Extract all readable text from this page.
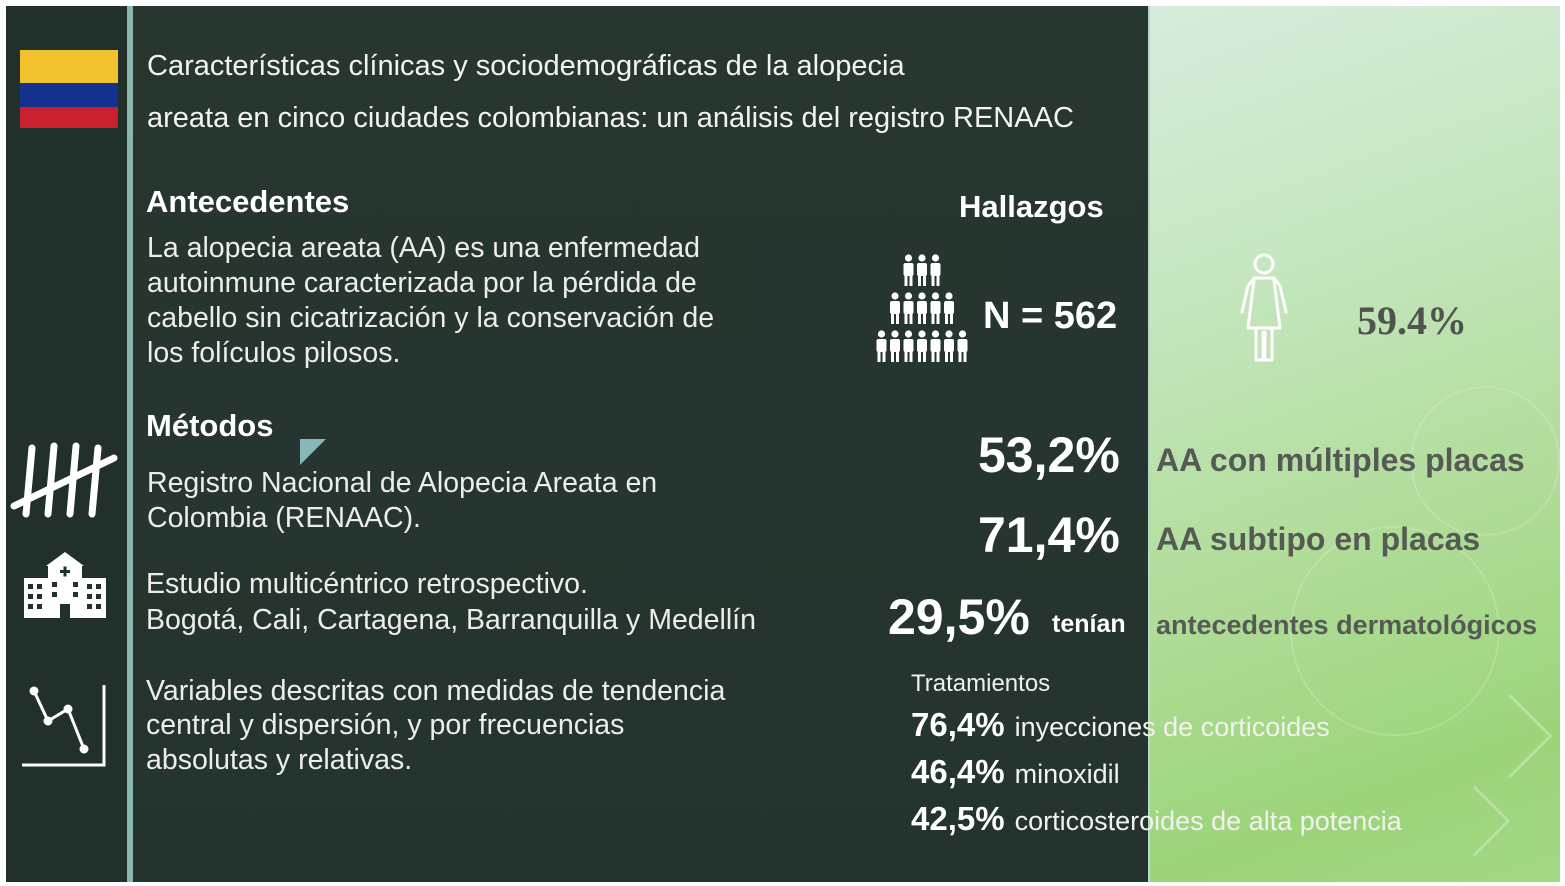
Características clínicas y sociodemográficas de la alopecia
areata en cinco ciudades colombianas: un análisis del registro RENAAC
Antecedentes
La alopecia areata (AA) es una enfermedad
autoinmune caracterizada por la pérdida de
cabello sin cicatrización y la conservación de
los folículos pilosos.
Métodos
Registro Nacional de Alopecia Areata en
Colombia (RENAAC).
Estudio multicéntrico retrospectivo.
Bogotá, Cali, Cartagena, Barranquilla y Medellín
Variables descritas con medidas de tendencia
central y dispersión, y por frecuencias
absolutas y relativas.
Hallazgos
N = 562	59.4%
53,2% AA con múltiples placas
71,4% AA subtipo en placas
29,5% tenían antecedentes dermatológicos
Tratamientos
76,4% inyecciones de corticoides
46,4% minoxidil
42,5% corticosteroides de alta potencia
